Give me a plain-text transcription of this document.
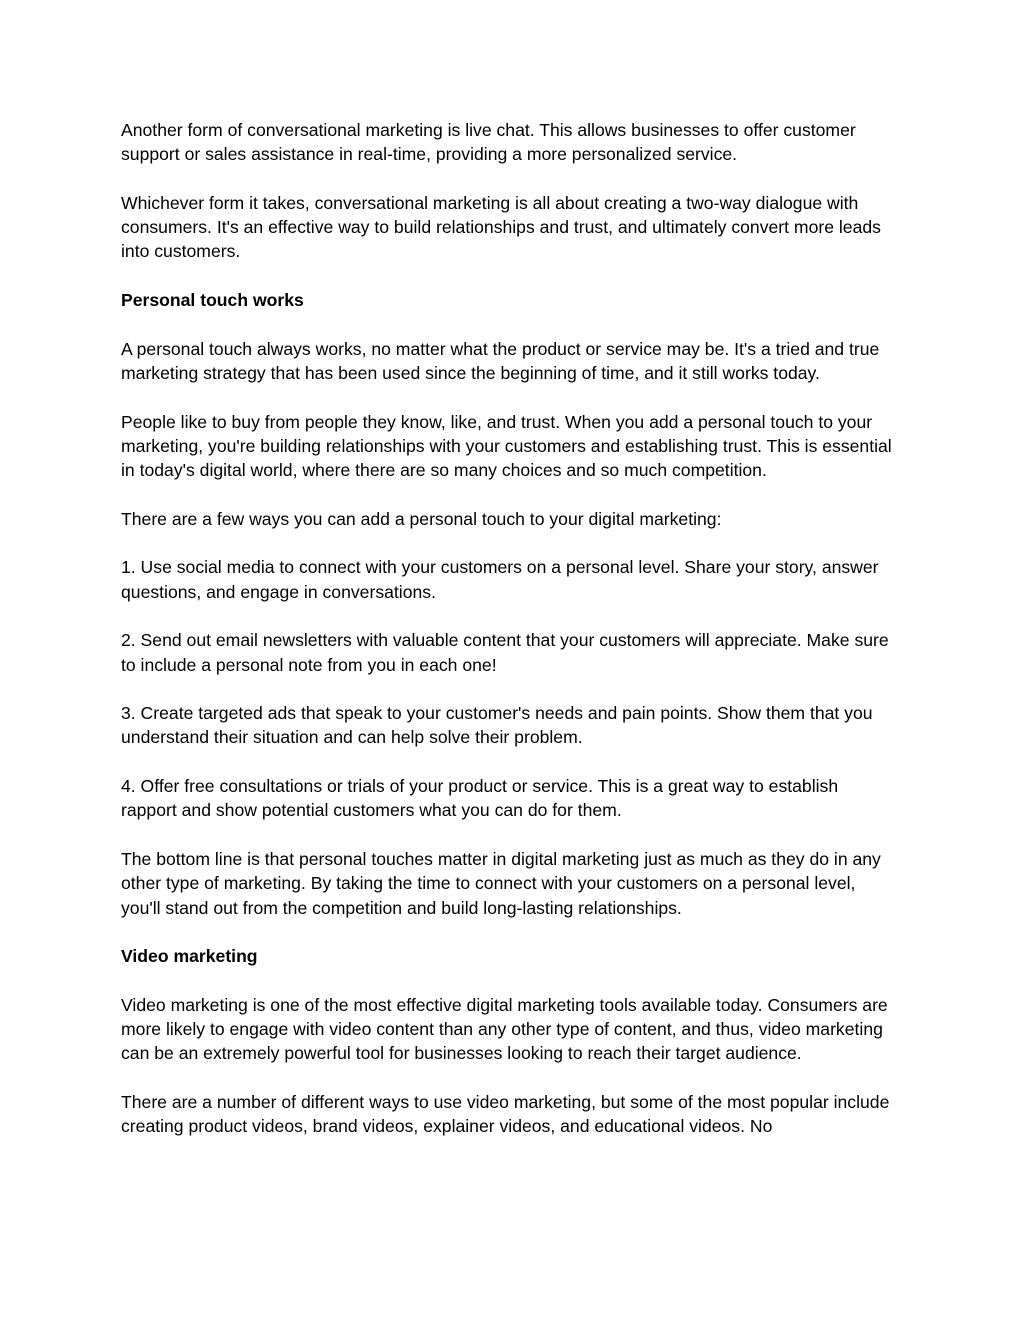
Another form of conversational marketing is live chat. This allows businesses to offer customer support or sales assistance in real-time, providing a more personalized service.

Whichever form it takes, conversational marketing is all about creating a two-way dialogue with consumers. It's an effective way to build relationships and trust, and ultimately convert more leads into customers.

Personal touch works

A personal touch always works, no matter what the product or service may be. It's a tried and true marketing strategy that has been used since the beginning of time, and it still works today.

People like to buy from people they know, like, and trust. When you add a personal touch to your marketing, you're building relationships with your customers and establishing trust. This is essential in today's digital world, where there are so many choices and so much competition.

There are a few ways you can add a personal touch to your digital marketing:

1. Use social media to connect with your customers on a personal level. Share your story, answer questions, and engage in conversations.

2. Send out email newsletters with valuable content that your customers will appreciate. Make sure to include a personal note from you in each one!

3. Create targeted ads that speak to your customer's needs and pain points. Show them that you understand their situation and can help solve their problem.

4. Offer free consultations or trials of your product or service. This is a great way to establish rapport and show potential customers what you can do for them.

The bottom line is that personal touches matter in digital marketing just as much as they do in any other type of marketing. By taking the time to connect with your customers on a personal level, you'll stand out from the competition and build long-lasting relationships.

Video marketing

Video marketing is one of the most effective digital marketing tools available today. Consumers are more likely to engage with video content than any other type of content, and thus, video marketing can be an extremely powerful tool for businesses looking to reach their target audience.

There are a number of different ways to use video marketing, but some of the most popular include creating product videos, brand videos, explainer videos, and educational videos. No
